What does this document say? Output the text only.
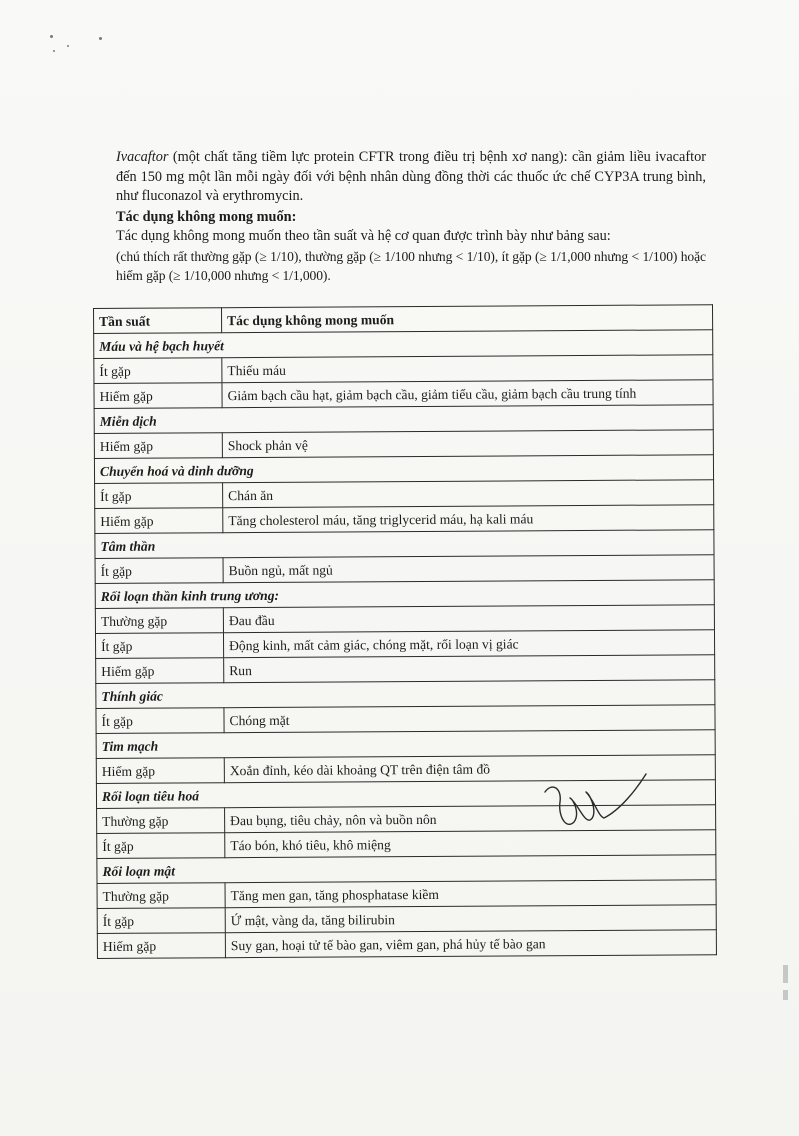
Ivacaftor (một chất tăng tiềm lực protein CFTR trong điều trị bệnh xơ nang): cần giảm liều ivacaftor đến 150 mg một lần mỗi ngày đối với bệnh nhân dùng đồng thời các thuốc ức chế CYP3A trung bình, như fluconazol và erythromycin.

Tác dụng không mong muốn:

Tác dụng không mong muốn theo tần suất và hệ cơ quan được trình bày như bảng sau:

(chú thích rất thường gặp (≥ 1/10), thường gặp (≥ 1/100 nhưng < 1/10), ít gặp (≥ 1/1,000 nhưng < 1/100) hoặc hiếm gặp (≥ 1/10,000 nhưng < 1/1,000).

Tần suất	Tác dụng không mong muốn
Máu và hệ bạch huyết	
Ít gặp	Thiếu máu
Hiếm gặp	Giảm bạch cầu hạt, giảm bạch cầu, giảm tiểu cầu, giảm bạch cầu trung tính
Miễn dịch	
Hiếm gặp	Shock phản vệ
Chuyển hoá và dinh dưỡng	
Ít gặp	Chán ăn
Hiếm gặp	Tăng cholesterol máu, tăng triglycerid máu, hạ kali máu
Tâm thần	
Ít gặp	Buồn ngủ, mất ngủ
Rối loạn thần kinh trung ương:	
Thường gặp	Đau đầu
Ít gặp	Động kinh, mất cảm giác, chóng mặt, rối loạn vị giác
Hiếm gặp	Run
Thính giác	
Ít gặp	Chóng mặt
Tim mạch	
Hiếm gặp	Xoắn đỉnh, kéo dài khoảng QT trên điện tâm đồ
Rối loạn tiêu hoá	
Thường gặp	Đau bụng, tiêu chảy, nôn và buồn nôn
Ít gặp	Táo bón, khó tiêu, khô miệng
Rối loạn mật	
Thường gặp	Tăng men gan, tăng phosphatase kiềm
Ít gặp	Ứ mật, vàng da, tăng bilirubin
Hiếm gặp	Suy gan, hoại tử tế bào gan, viêm gan, phá hủy tế bào gan
